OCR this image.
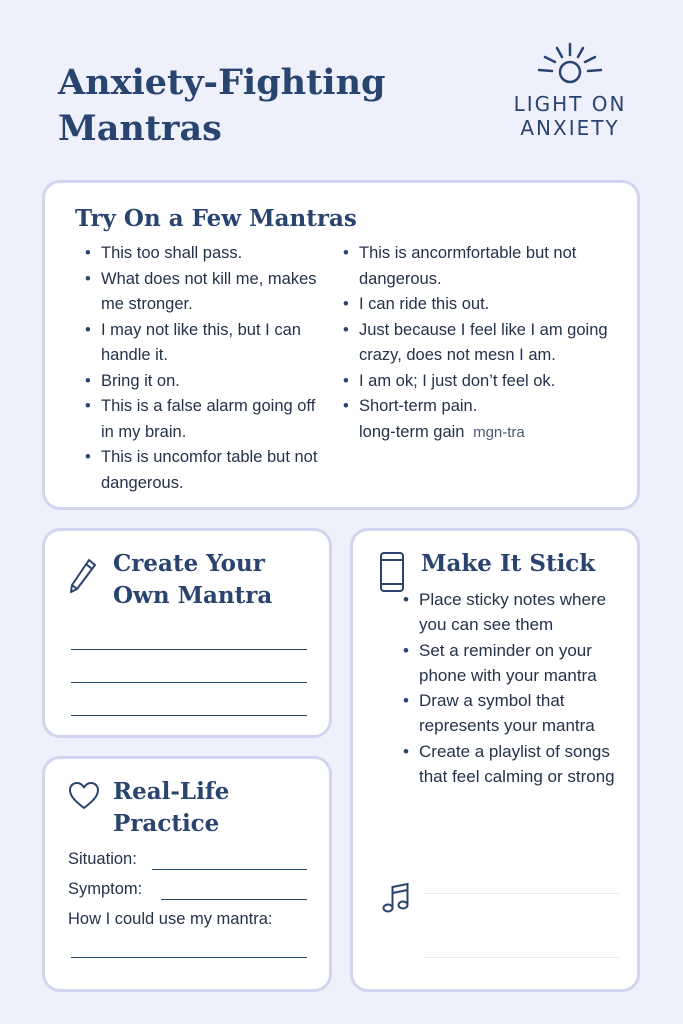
Anxiety-Fighting
Mantras
LIGHT ON
ANXIETY
Try On a Few Mantras
• This too shall pass.
• What does not kill me, makes me stronger.
• I may not like this, but I can handle it.
• Bring it on.
• This is a false alarm going off in my brain.
• This is uncomfor table but not dangerous.
• This is ancormfortable but not dangerous.
• I can ride this out.
• Just because I feel like I am going crazy, does not mesn I am.
• I am ok; I just don’t feel ok.
• Short-term pain.
long-term gain mgn-tra
Create Your
Own Mantra
Real-Life
Practice
Situation:
Symptom:
How I could use my mantra:
Make It Stick
• Place sticky notes where you can see them
• Set a reminder on your phone with your mantra
• Draw a symbol that represents your mantra
• Create a playlist of songs that feel calming or strong
